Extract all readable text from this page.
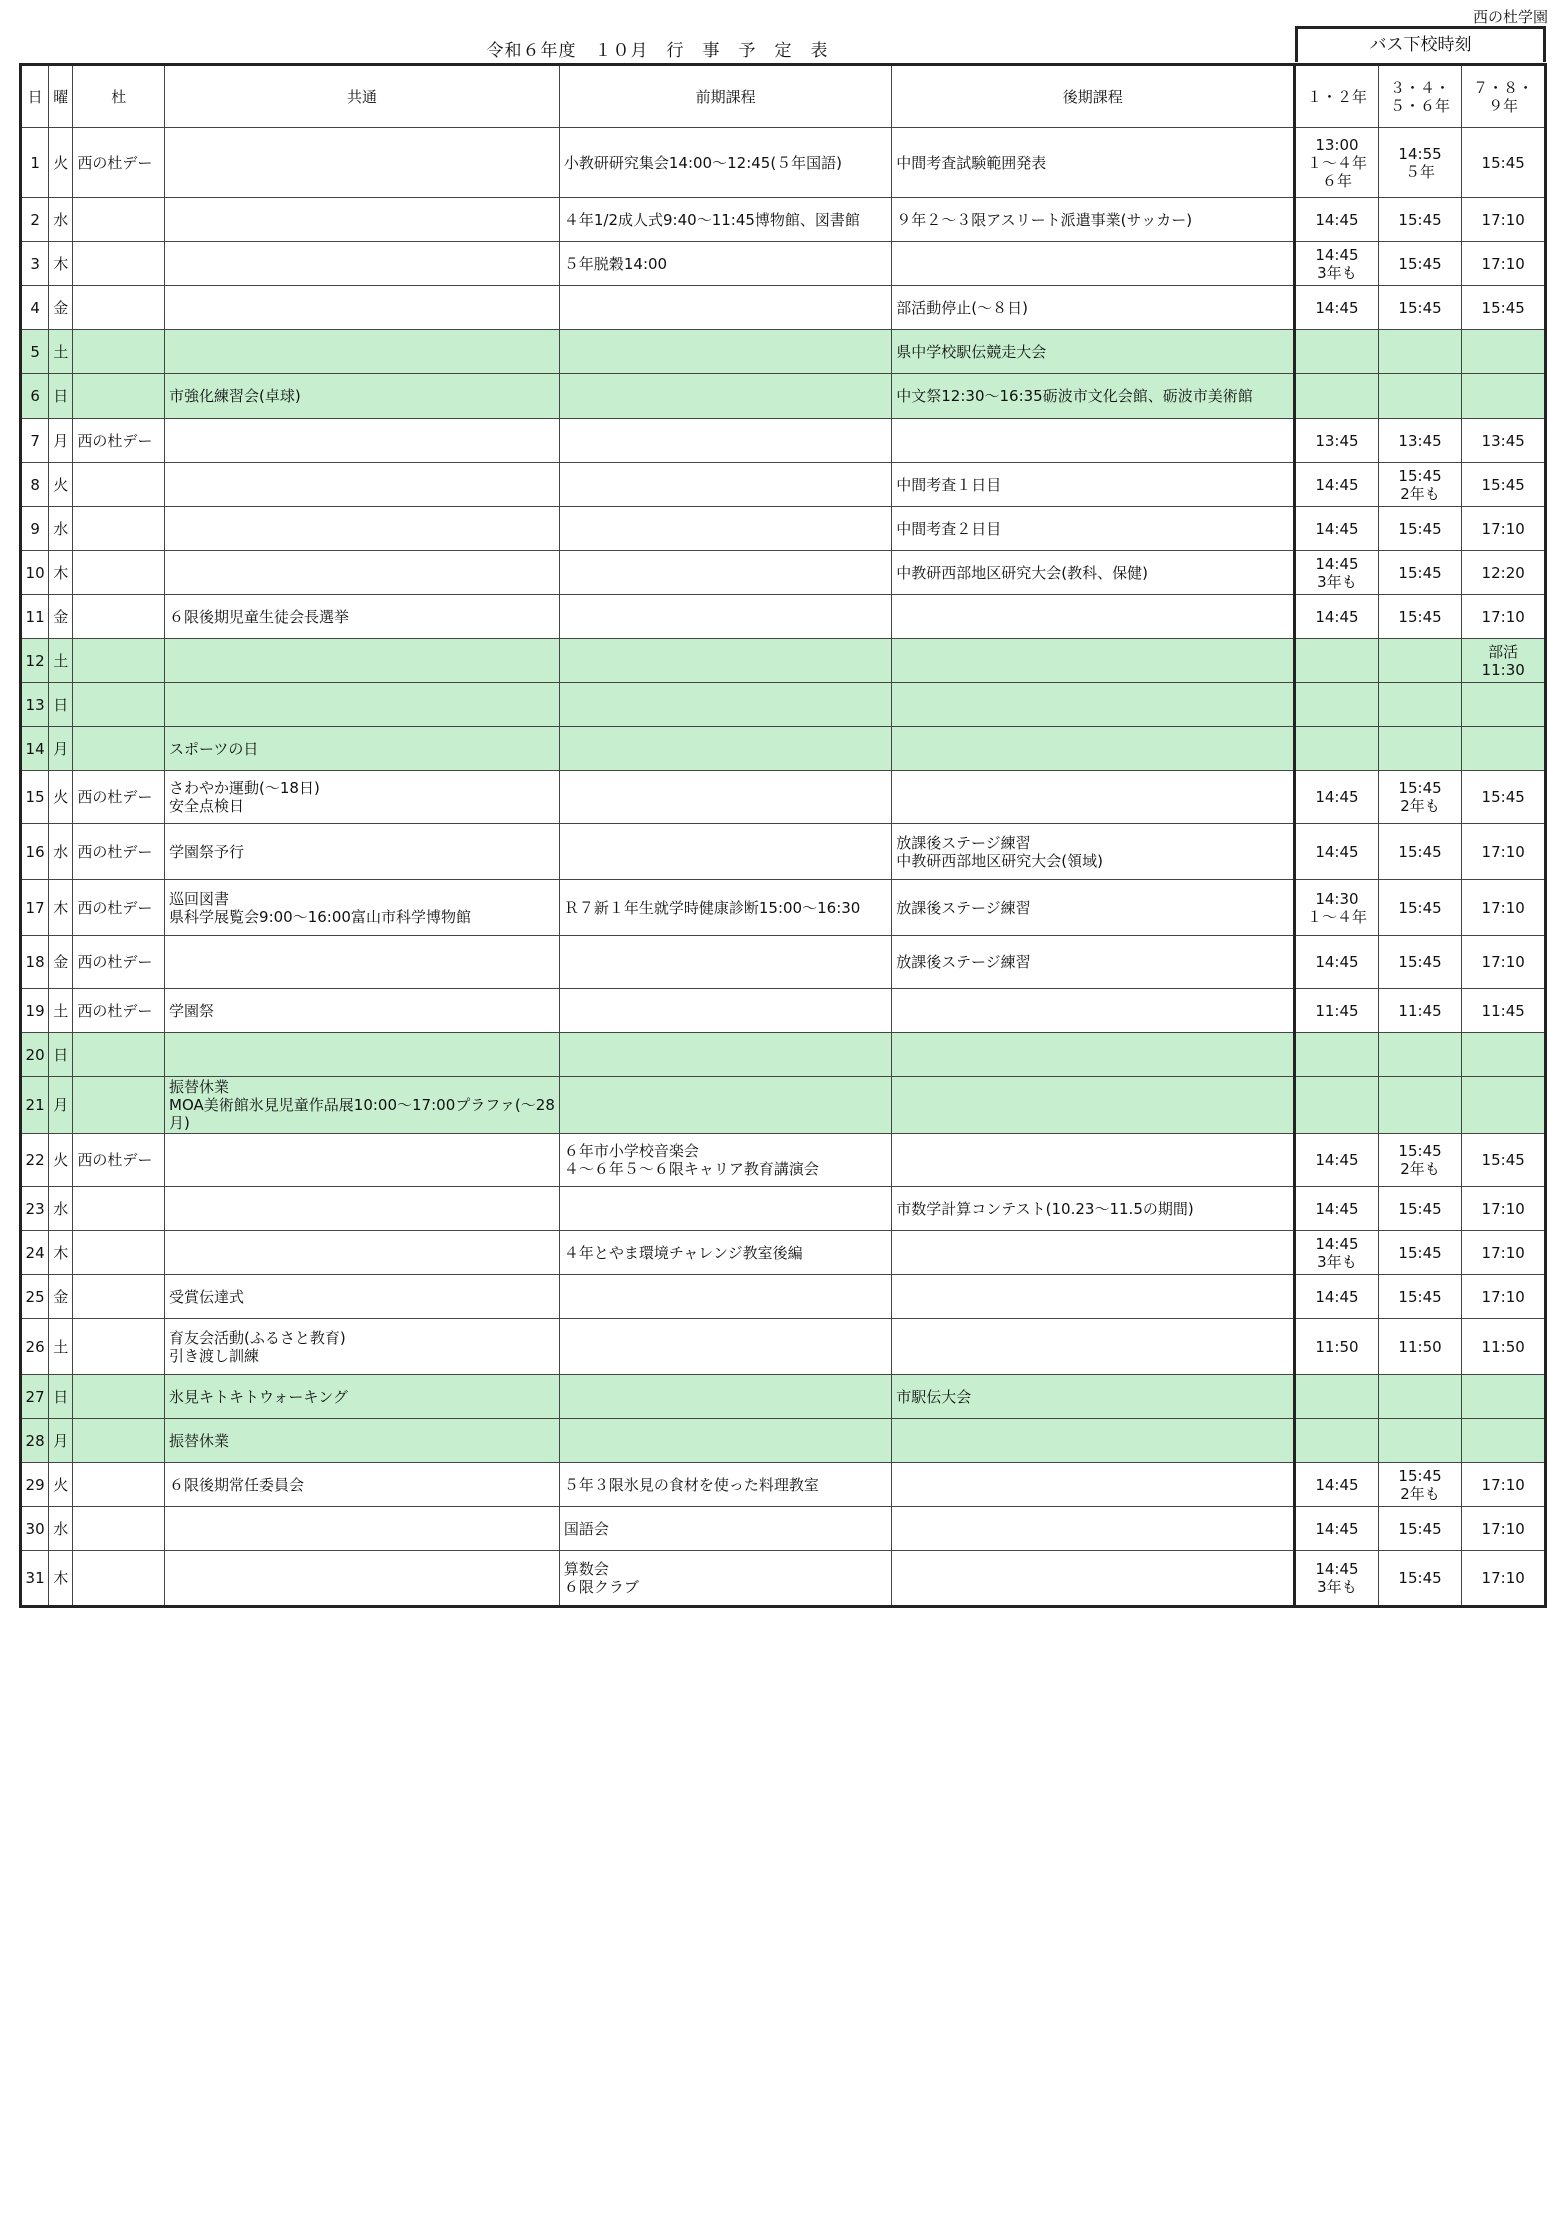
西の杜学園
令和６年度　１０月　行　事　予　定　表	バス下校時刻
日	曜	杜	共通	前期課程	後期課程	１・２年	３・４・
５・６年	７・８・
９年
1	火	西の杜デー		小教研研究集会14:00～12:45(５年国語)	中間考査試験範囲発表	13:00
１～４年
６年	14:55
５年	15:45
2	水			４年1/2成人式9:40～11:45博物館、図書館	９年２～３限アスリート派遣事業(サッカー)	14:45	15:45	17:10
3	木			５年脱穀14:00		14:45
3年も	15:45	17:10
4	金				部活動停止(～８日)	14:45	15:45	15:45
5	土				県中学校駅伝競走大会			
6	日		市強化練習会(卓球)		中文祭12:30～16:35砺波市文化会館、砺波市美術館			
7	月	西の杜デー				13:45	13:45	13:45
8	火				中間考査１日目	14:45	15:45
2年も	15:45
9	水				中間考査２日目	14:45	15:45	17:10
10	木				中教研西部地区研究大会(教科、保健)	14:45
3年も	15:45	12:20
11	金		６限後期児童生徒会長選挙			14:45	15:45	17:10
12	土							部活
11:30
13	日							
14	月		スポーツの日					
15	火	西の杜デー	さわやか運動(～18日)
安全点検日			14:45	15:45
2年も	15:45
16	水	西の杜デー	学園祭予行		放課後ステージ練習
中教研西部地区研究大会(領域)	14:45	15:45	17:10
17	木	西の杜デー	巡回図書
県科学展覧会9:00～16:00富山市科学博物館	Ｒ７新１年生就学時健康診断15:00～16:30	放課後ステージ練習	14:30
１～４年	15:45	17:10
18	金	西の杜デー			放課後ステージ練習	14:45	15:45	17:10
19	土	西の杜デー	学園祭			11:45	11:45	11:45
20	日							
21	月		振替休業
MOA美術館氷見児童作品展10:00～17:00プラファ(～28月)					
22	火	西の杜デー		６年市小学校音楽会
４～６年５～６限キャリア教育講演会		14:45	15:45
2年も	15:45
23	水				市数学計算コンテスト(10.23～11.5の期間)	14:45	15:45	17:10
24	木			４年とやま環境チャレンジ教室後編		14:45
3年も	15:45	17:10
25	金		受賞伝達式			14:45	15:45	17:10
26	土		育友会活動(ふるさと教育)
引き渡し訓練			11:50	11:50	11:50
27	日		氷見キトキトウォーキング		市駅伝大会			
28	月		振替休業					
29	火		６限後期常任委員会	５年３限氷見の食材を使った料理教室		14:45	15:45
2年も	17:10
30	水			国語会		14:45	15:45	17:10
31	木			算数会
６限クラブ		14:45
3年も	15:45	17:10
